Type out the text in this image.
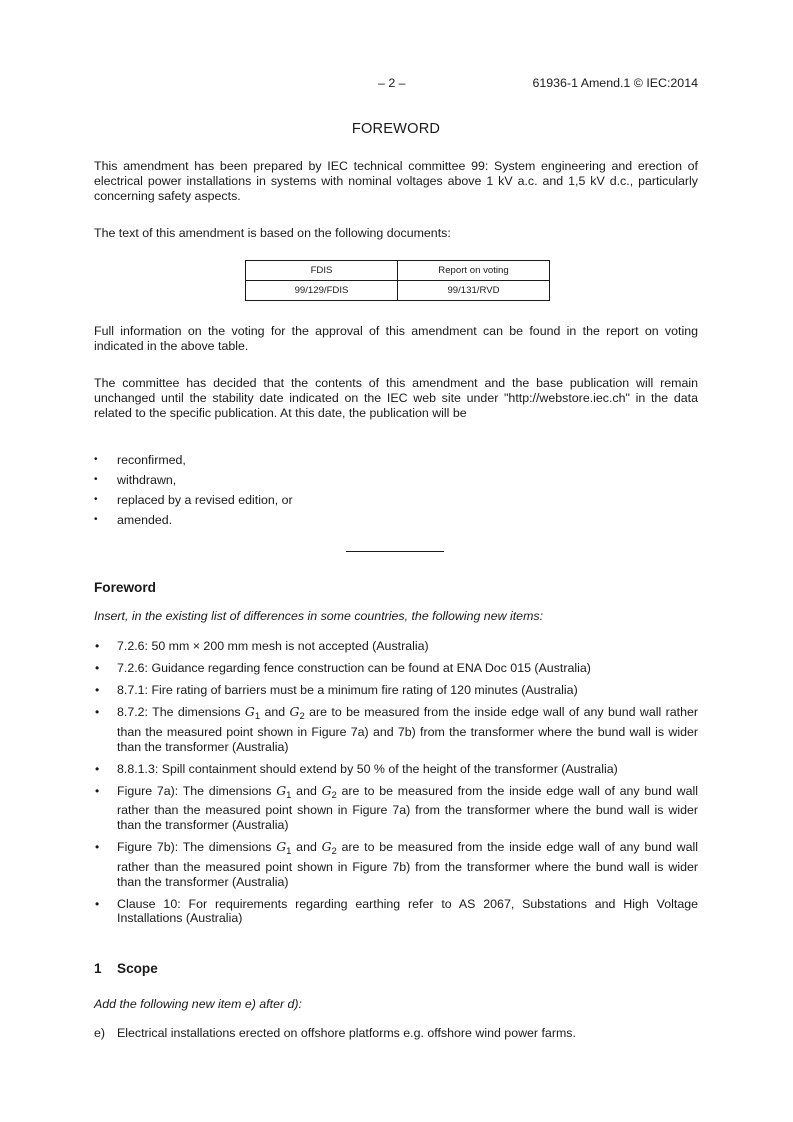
– 2 –	61936-1 Amend.1 © IEC:2014
FOREWORD
This amendment has been prepared by IEC technical committee 99: System engineering and erection of electrical power installations in systems with nominal voltages above 1 kV a.c. and 1,5 kV d.c., particularly concerning safety aspects.
The text of this amendment is based on the following documents:
FDIS	Report on voting
99/129/FDIS	99/131/RVD
Full information on the voting for the approval of this amendment can be found in the report on voting indicated in the above table.
The committee has decided that the contents of this amendment and the base publication will remain unchanged until the stability date indicated on the IEC web site under "http://webstore.iec.ch" in the data related to the specific publication. At this date, the publication will be
• reconfirmed,
• withdrawn,
• replaced by a revised edition, or
• amended.
Foreword
Insert, in the existing list of differences in some countries, the following new items:
• 7.2.6: 50 mm × 200 mm mesh is not accepted (Australia)
• 7.2.6: Guidance regarding fence construction can be found at ENA Doc 015 (Australia)
• 8.7.1: Fire rating of barriers must be a minimum fire rating of 120 minutes (Australia)
• 8.7.2: The dimensions $G_1$ and $G_2$ are to be measured from the inside edge wall of any bund wall rather than the measured point shown in Figure 7a) and 7b) from the transformer where the bund wall is wider than the transformer (Australia)
• 8.8.1.3: Spill containment should extend by 50 % of the height of the transformer (Australia)
• Figure 7a): The dimensions $G_1$ and $G_2$ are to be measured from the inside edge wall of any bund wall rather than the measured point shown in Figure 7a) from the transformer where the bund wall is wider than the transformer (Australia)
• Figure 7b): The dimensions $G_1$ and $G_2$ are to be measured from the inside edge wall of any bund wall rather than the measured point shown in Figure 7b) from the transformer where the bund wall is wider than the transformer (Australia)
• Clause 10: For requirements regarding earthing refer to AS 2067, Substations and High Voltage Installations (Australia)
1 Scope
Add the following new item e) after d):
e) Electrical installations erected on offshore platforms e.g. offshore wind power farms.
